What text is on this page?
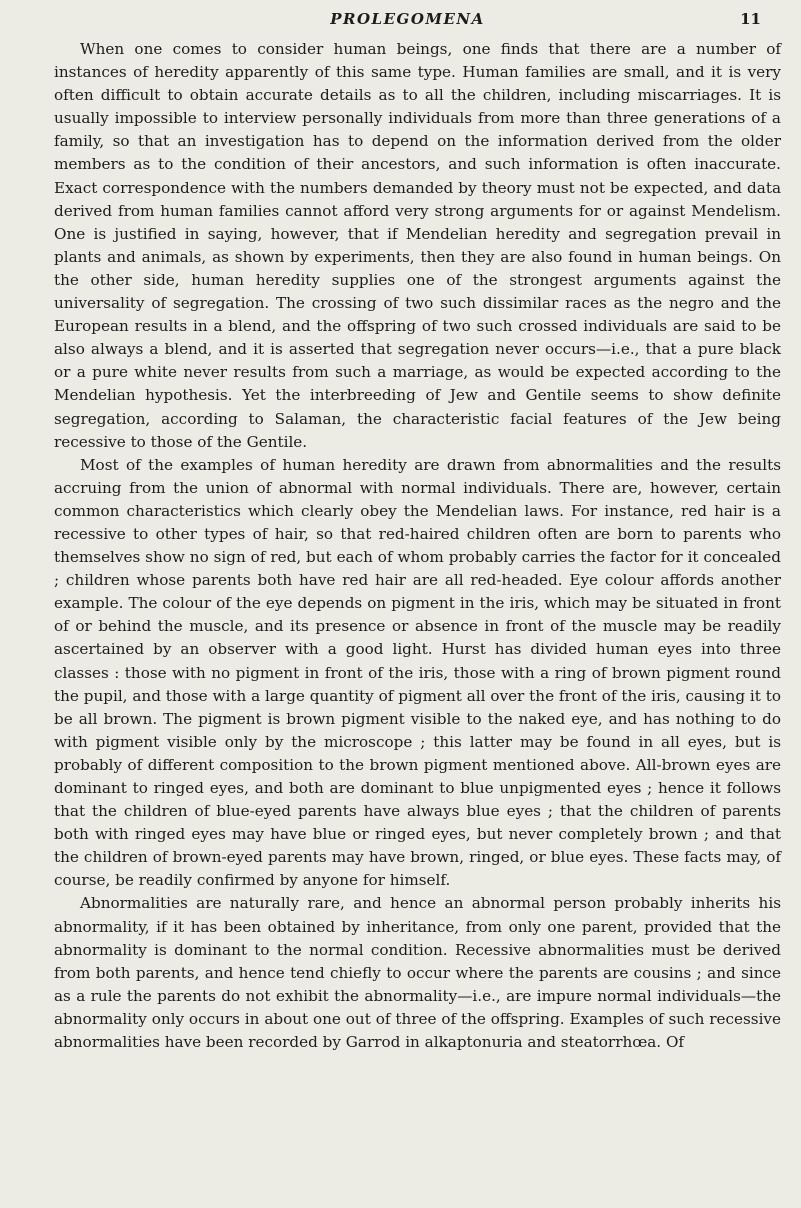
PROLEGOMENA	11

When one comes to consider human beings, one finds that there are a number of instances of heredity apparently of this same type. Human families are small, and it is very often difficult to obtain accurate details as to all the children, including miscarriages. It is usually impossible to interview personally individuals from more than three generations of a family, so that an investigation has to depend on the information derived from the older members as to the condition of their ancestors, and such information is often inaccurate. Exact correspondence with the numbers demanded by theory must not be expected, and data derived from human families cannot afford very strong arguments for or against Mendelism. One is justified in saying, however, that if Mendelian heredity and segregation prevail in plants and animals, as shown by experiments, then they are also found in human beings. On the other side, human heredity supplies one of the strongest arguments against the universality of segregation. The crossing of two such dissimilar races as the negro and the European results in a blend, and the offspring of two such crossed individuals are said to be also always a blend, and it is asserted that segregation never occurs—i.e., that a pure black or a pure white never results from such a marriage, as would be expected according to the Mendelian hypothesis. Yet the interbreeding of Jew and Gentile seems to show definite segregation, according to Salaman, the characteristic facial features of the Jew being recessive to those of the Gentile.

Most of the examples of human heredity are drawn from abnormalities and the results accruing from the union of abnormal with normal individuals. There are, however, certain common characteristics which clearly obey the Mendelian laws. For instance, red hair is a recessive to other types of hair, so that red-haired children often are born to parents who themselves show no sign of red, but each of whom probably carries the factor for it concealed ; children whose parents both have red hair are all red-headed. Eye colour affords another example. The colour of the eye depends on pigment in the iris, which may be situated in front of or behind the muscle, and its presence or absence in front of the muscle may be readily ascertained by an observer with a good light. Hurst has divided human eyes into three classes : those with no pigment in front of the iris, those with a ring of brown pigment round the pupil, and those with a large quantity of pigment all over the front of the iris, causing it to be all brown. The pigment is brown pigment visible to the naked eye, and has nothing to do with pigment visible only by the microscope ; this latter may be found in all eyes, but is probably of different composition to the brown pigment mentioned above. All-brown eyes are dominant to ringed eyes, and both are dominant to blue unpigmented eyes ; hence it follows that the children of blue-eyed parents have always blue eyes ; that the children of parents both with ringed eyes may have blue or ringed eyes, but never completely brown ; and that the children of brown-eyed parents may have brown, ringed, or blue eyes. These facts may, of course, be readily confirmed by anyone for himself.

Abnormalities are naturally rare, and hence an abnormal person probably inherits his abnormality, if it has been obtained by inheritance, from only one parent, provided that the abnormality is dominant to the normal condition. Recessive abnormalities must be derived from both parents, and hence tend chiefly to occur where the parents are cousins ; and since as a rule the parents do not exhibit the abnormality—i.e., are impure normal individuals—the abnormality only occurs in about one out of three of the offspring. Examples of such recessive abnormalities have been recorded by Garrod in alkaptonuria and steatorrhœa. Of
